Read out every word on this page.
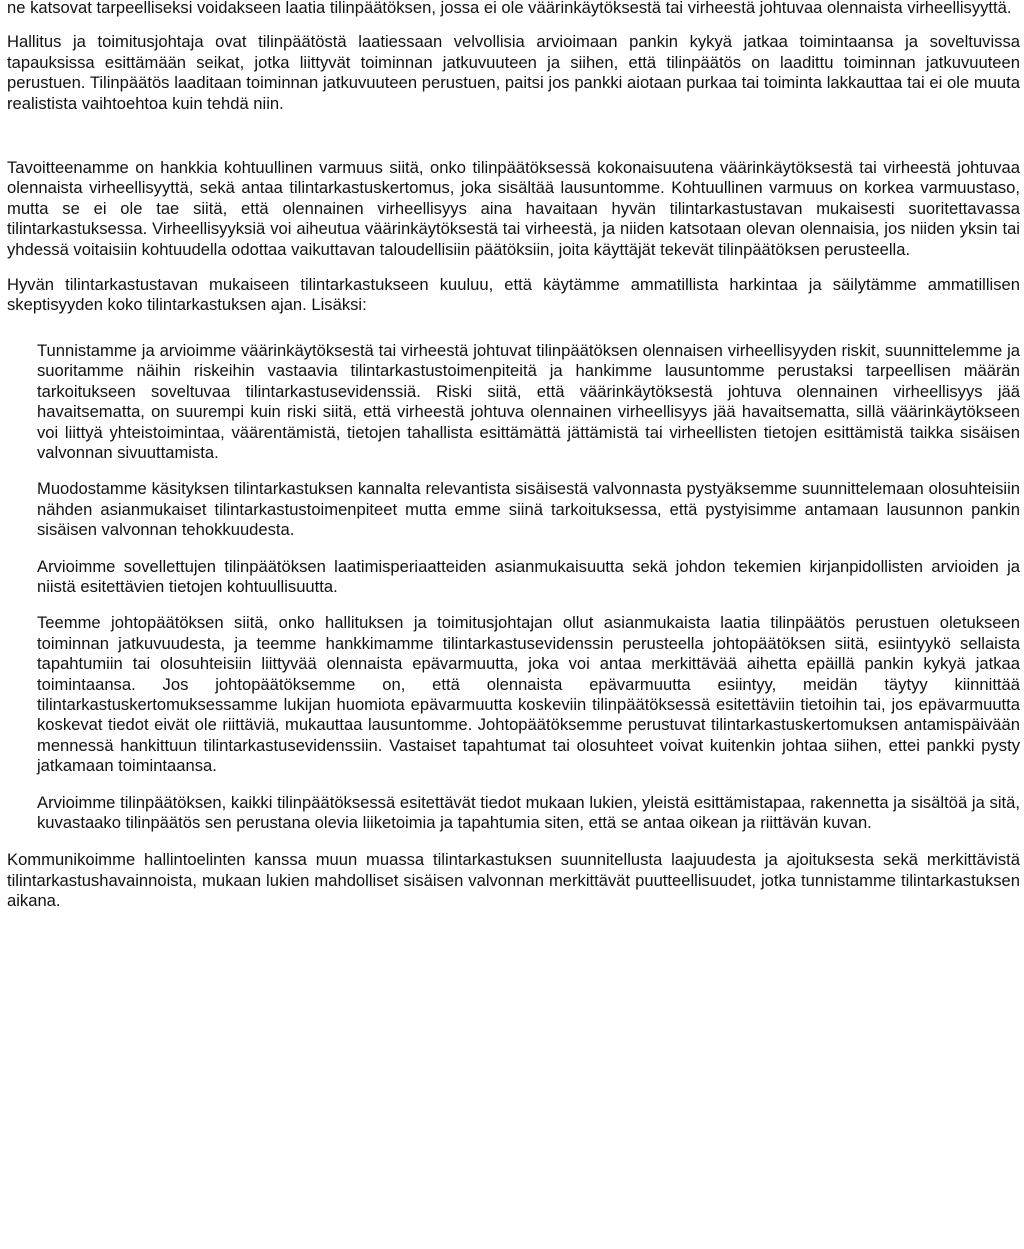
ne katsovat tarpeelliseksi voidakseen laatia tilinpäätöksen, jossa ei ole väärinkäytöksestä tai virheestä johtuvaa olennaista virheellisyyttä.

Hallitus ja toimitusjohtaja ovat tilinpäätöstä laatiessaan velvollisia arvioimaan pankin kykyä jatkaa toimintaansa ja soveltuvissa tapauksissa esittämään seikat, jotka liittyvät toiminnan jatkuvuuteen ja siihen, että tilinpäätös on laadittu toiminnan jatkuvuuteen perustuen. Tilinpäätös laaditaan toiminnan jatkuvuuteen perustuen, paitsi jos pankki aiotaan purkaa tai toiminta lakkauttaa tai ei ole muuta realistista vaihtoehtoa kuin tehdä niin.

Tavoitteenamme on hankkia kohtuullinen varmuus siitä, onko tilinpäätöksessä kokonaisuutena väärinkäytöksestä tai virheestä johtuvaa olennaista virheellisyyttä, sekä antaa tilintarkastuskertomus, joka sisältää lausuntomme. Kohtuullinen varmuus on korkea varmuustaso, mutta se ei ole tae siitä, että olennainen virheellisyys aina havaitaan hyvän tilintarkastustavan mukaisesti suoritettavassa tilintarkastuksessa. Virheellisyyksiä voi aiheutua väärinkäytöksestä tai virheestä, ja niiden katsotaan olevan olennaisia, jos niiden yksin tai yhdessä voitaisiin kohtuudella odottaa vaikuttavan taloudellisiin päätöksiin, joita käyttäjät tekevät tilinpäätöksen perusteella.

Hyvän tilintarkastustavan mukaiseen tilintarkastukseen kuuluu, että käytämme ammatillista harkintaa ja säilytämme ammatillisen skeptisyyden koko tilintarkastuksen ajan. Lisäksi:

Tunnistamme ja arvioimme väärinkäytöksestä tai virheestä johtuvat tilinpäätöksen olennaisen virheellisyyden riskit, suunnittelemme ja suoritamme näihin riskeihin vastaavia tilintarkastustoimenpiteitä ja hankimme lausuntomme perustaksi tarpeellisen määrän tarkoitukseen soveltuvaa tilintarkastusevidenssiä. Riski siitä, että väärinkäytöksestä johtuva olennainen virheellisyys jää havaitsematta, on suurempi kuin riski siitä, että virheestä johtuva olennainen virheellisyys jää havaitsematta, sillä väärinkäytökseen voi liittyä yhteistoimintaa, väärentämistä, tietojen tahallista esittämättä jättämistä tai virheellisten tietojen esittämistä taikka sisäisen valvonnan sivuuttamista.

Muodostamme käsityksen tilintarkastuksen kannalta relevantista sisäisestä valvonnasta pystyäksemme suunnittelemaan olosuhteisiin nähden asianmukaiset tilintarkastustoimenpiteet mutta emme siinä tarkoituksessa, että pystyisimme antamaan lausunnon pankin sisäisen valvonnan tehokkuudesta.

Arvioimme sovellettujen tilinpäätöksen laatimisperiaatteiden asianmukaisuutta sekä johdon tekemien kirjanpidollisten arvioiden ja niistä esitettävien tietojen kohtuullisuutta.

Teemme johtopäätöksen siitä, onko hallituksen ja toimitusjohtajan ollut asianmukaista laatia tilinpäätös perustuen oletukseen toiminnan jatkuvuudesta, ja teemme hankkimamme tilintarkastusevidenssin perusteella johtopäätöksen siitä, esiintyykö sellaista tapahtumiin tai olosuhteisiin liittyvää olennaista epävarmuutta, joka voi antaa merkittävää aihetta epäillä pankin kykyä jatkaa toimintaansa. Jos johtopäätöksemme on, että olennaista epävarmuutta esiintyy, meidän täytyy kiinnittää tilintarkastuskertomuksessamme lukijan huomiota epävarmuutta koskeviin tilinpäätöksessä esitettäviin tietoihin tai, jos epävarmuutta koskevat tiedot eivät ole riittäviä, mukauttaa lausuntomme. Johtopäätöksemme perustuvat tilintarkastuskertomuksen antamispäivään mennessä hankittuun tilintarkastusevidenssiin. Vastaiset tapahtumat tai olosuhteet voivat kuitenkin johtaa siihen, ettei pankki pysty jatkamaan toimintaansa.

Arvioimme tilinpäätöksen, kaikki tilinpäätöksessä esitettävät tiedot mukaan lukien, yleistä esittämistapaa, rakennetta ja sisältöä ja sitä, kuvastaako tilinpäätös sen perustana olevia liiketoimia ja tapahtumia siten, että se antaa oikean ja riittävän kuvan.

Kommunikoimme hallintoelinten kanssa muun muassa tilintarkastuksen suunnitellusta laajuudesta ja ajoituksesta sekä merkittävistä tilintarkastushavainnoista, mukaan lukien mahdolliset sisäisen valvonnan merkittävät puutteellisuudet, jotka tunnistamme tilintarkastuksen aikana.
